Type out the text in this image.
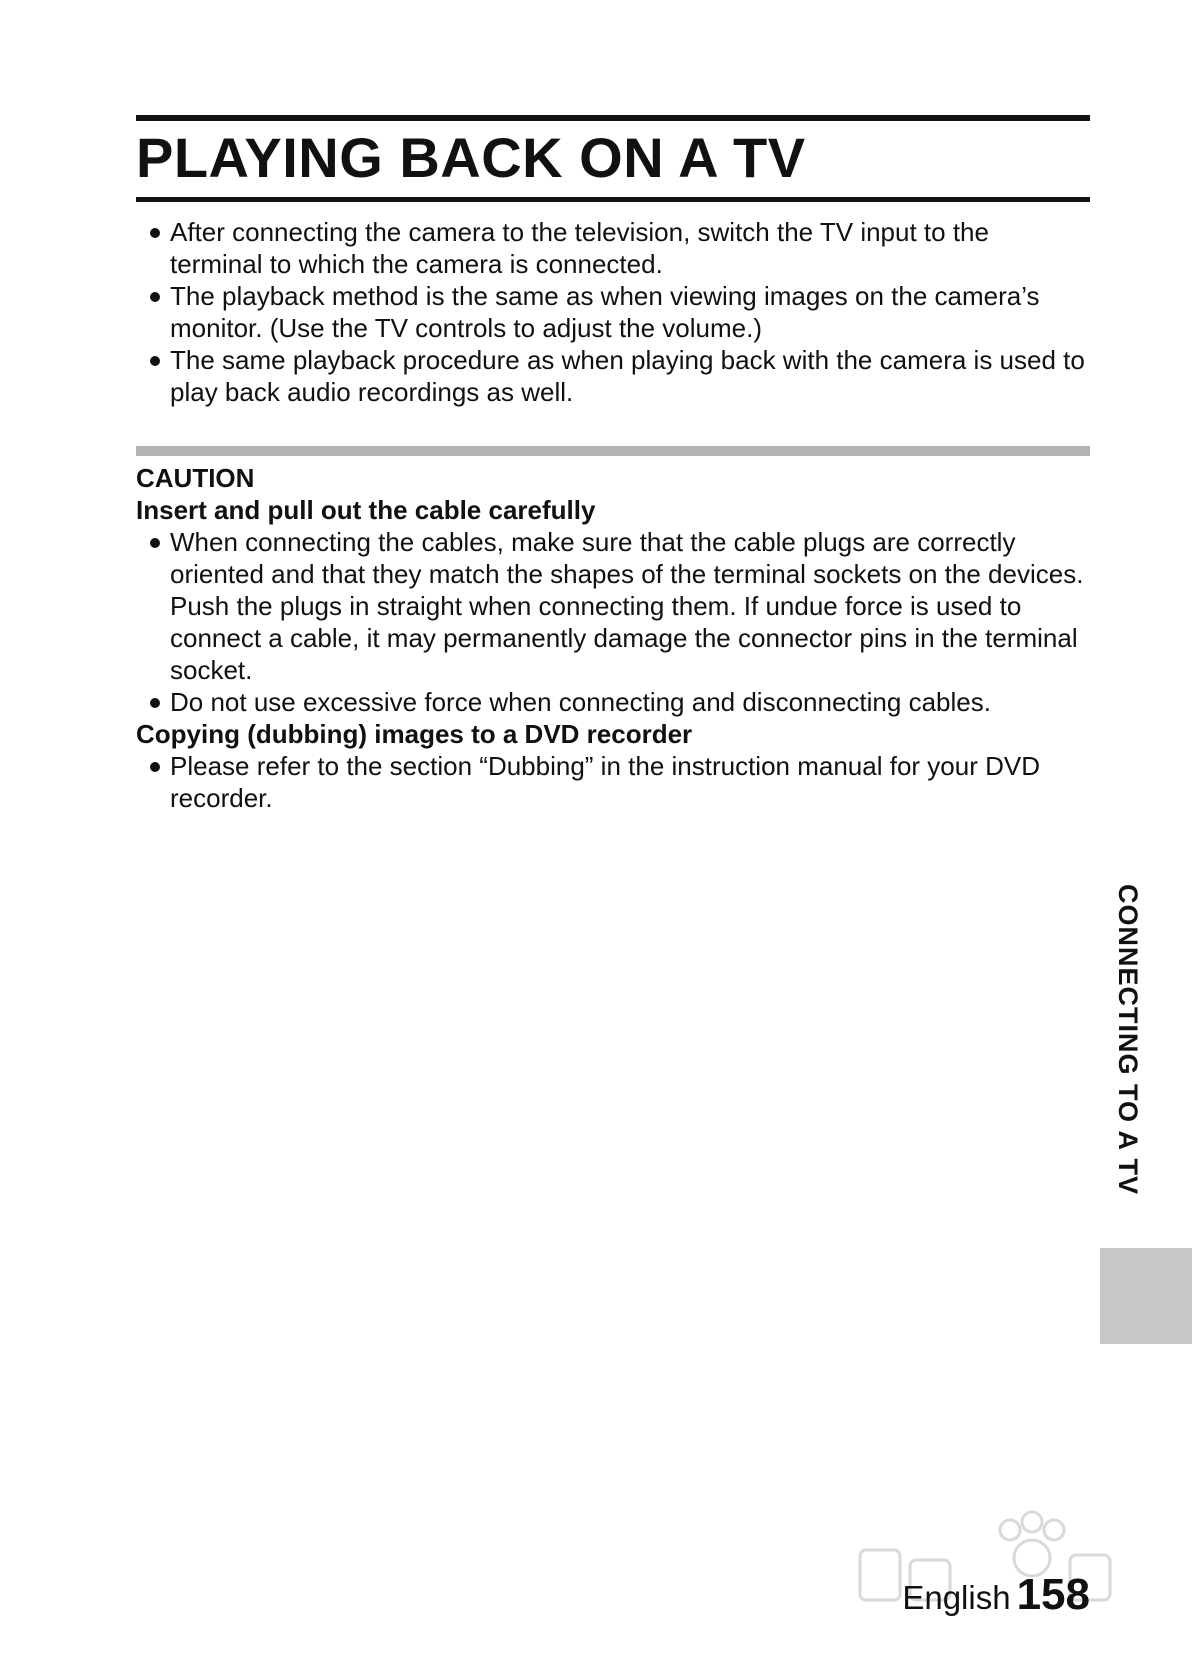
PLAYING BACK ON A TV
After connecting the camera to the television, switch the TV input to the terminal to which the camera is connected.
The playback method is the same as when viewing images on the camera’s monitor. (Use the TV controls to adjust the volume.)
The same playback procedure as when playing back with the camera is used to play back audio recordings as well.

CAUTION

Insert and pull out the cable carefully

When connecting the cables, make sure that the cable plugs are correctly oriented and that they match the shapes of the terminal sockets on the devices. Push the plugs in straight when connecting them. If undue force is used to connect a cable, it may permanently damage the connector pins in the terminal socket.
Do not use excessive force when connecting and disconnecting cables.

Copying (dubbing) images to a DVD recorder

Please refer to the section “Dubbing” in the instruction manual for your DVD recorder.
CONNECTING TO A TV
English 158
